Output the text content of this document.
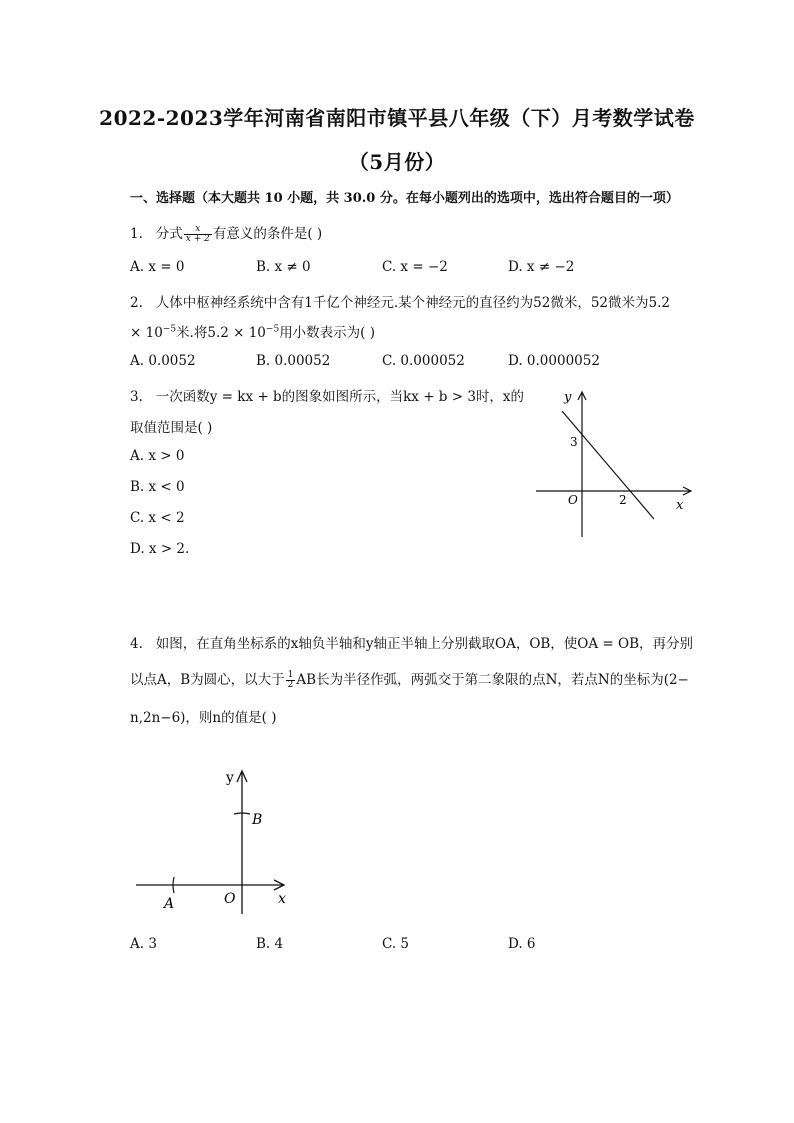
2022-2023学年河南省南阳市镇平县八年级（下）月考数学试卷
（5月份）
一、选择题（本大题共 10 小题，共 30.0 分。在每小题列出的选项中，选出符合题目的一项）
1. 分式 $\frac{x}{x + 2}$ 有意义的条件是( )
A. x = 0	B. x ≠ 0	C. x = −2	D. x ≠ −2
2. 人体中枢神经系统中含有1千亿个神经元.某个神经元的直径约为52微米，52微米为5.2
× $10^{-5}$米.将$5.2 \times 10^{-5}$用小数表示为( )
A. 0.0052	B. 0.00052	C. 0.000052	D. 0.0000052
3. 一次函数y = kx + b的图象如图所示，当kx + b > 3时，x的
取值范围是( )
A. x > 0
B. x < 0
C. x < 2
D. x > 2.
y
x
O
3
2
4. 如图，在直角坐标系的x轴负半轴和y轴正半轴上分别截取OA，OB，使OA = OB，再分别
以点A，B为圆心，以大于 $\frac{1}{2}$ AB长为半径作弧，两弧交于第二象限的点N，若点N的坐标为(2−
n,2n−6)，则n的值是( )
y
x
O
A
B
A. 3	B. 4	C. 5	D. 6
